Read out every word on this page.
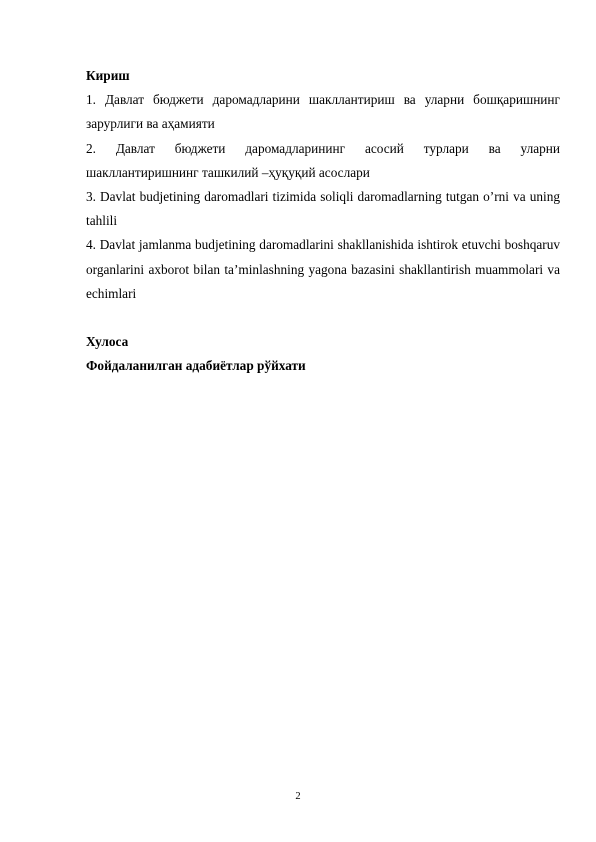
Кириш

1. Давлат бюджети даромадларини шакллантириш ва уларни бошқаришнинг зарурлиги ва аҳамияти

2. Давлат бюджети даромадларининг асосий турлари ва уларни шакллантиришнинг ташкилий –ҳуқуқий асослари

3. Davlat budjetining daromadlari tizimida soliqli daromadlarning tutgan o’rni va uning tahlili

4. Davlat jamlanma budjetining daromadlarini shakllanishida ishtirok etuvchi boshqaruv organlarini axborot bilan ta’minlashning yagona bazasini shakllantirish muammolari va echimlari

Хулоса

Фойдаланилган адабиётлар рўйхати

2
